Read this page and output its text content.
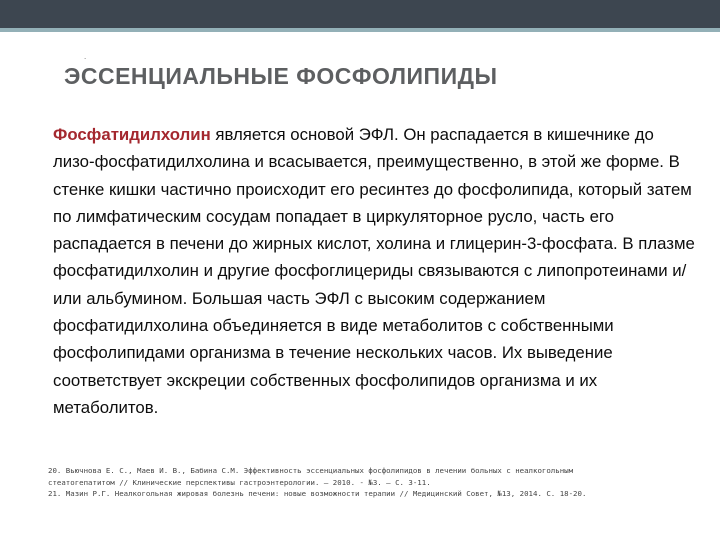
.
ЭССЕНЦИАЛЬНЫЕ ФОСФОЛИПИДЫ
Фосфатидилхолин является основой ЭФЛ. Он распадается в кишечнике до лизо-фосфатидилхолина и всасывается, преимущественно, в этой же форме. В стенке кишки частично происходит его ресинтез до фосфолипида, который затем по лимфатическим сосудам попадает в циркуляторное русло, часть его распадается в печени до жирных кислот, холина и глицерин-3-фосфата. В плазме фосфатидилхолин и другие фосфоглицериды связываются с липопротеинами и/или альбумином. Большая часть ЭФЛ с высоким содержанием фосфатидилхолина объединяется в виде метаболитов с собственными фосфолипидами организма в течение нескольких часов. Их выведение соответствует экскреции собственных фосфолипидов организма и их метаболитов.
20. Вьючнова Е. С., Маев И. В., Бабина С.М. Эффективность эссенциальных фосфолипидов в лечении больных с неалкогольным
стеатогепатитом // Клинические перспективы гастроэнтерологии. – 2010. - №3. – С. 3-11.
21. Мазин Р.Г. Неалкогольная жировая болезнь печени: новые возможности терапии // Медицинский Совет, №13, 2014. С. 18-20.
